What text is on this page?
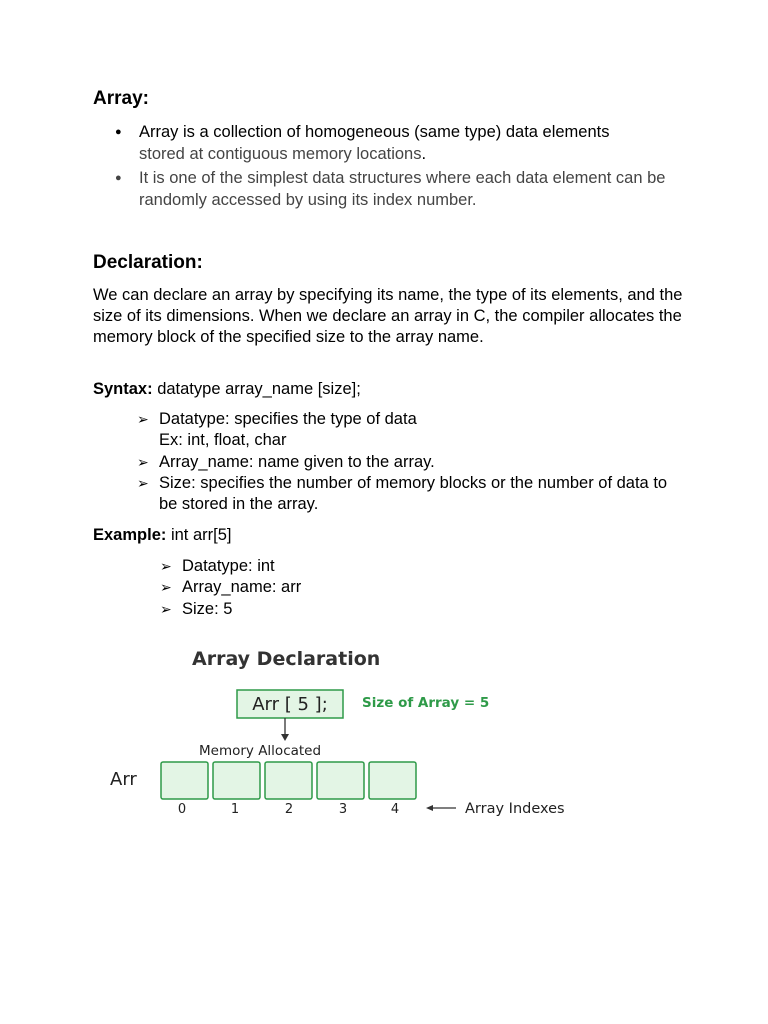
Array:
● Array is a collection of homogeneous (same type) data elements
stored at contiguous memory locations.
● It is one of the simplest data structures where each data element can be randomly accessed by using its index number.
Declaration:

We can declare an array by specifying its name, the type of its elements, and the size of its dimensions. When we declare an array in C, the compiler allocates the memory block of the specified size to the array name.

Syntax: datatype array_name [size];

➢ Datatype: specifies the type of data
Ex: int, float, char
➢ Array_name: name given to the array.
➢ Size: specifies the number of memory blocks or the number of data to be stored in the array.

Example: int arr[5]

➢ Datatype: int
➢ Array_name: arr
➢ Size: 5
Array Declaration
Arr [ 5 ];	Size of Array = 5
Memory Allocated
Arr
0	1	2	3	4	Array Indexes
